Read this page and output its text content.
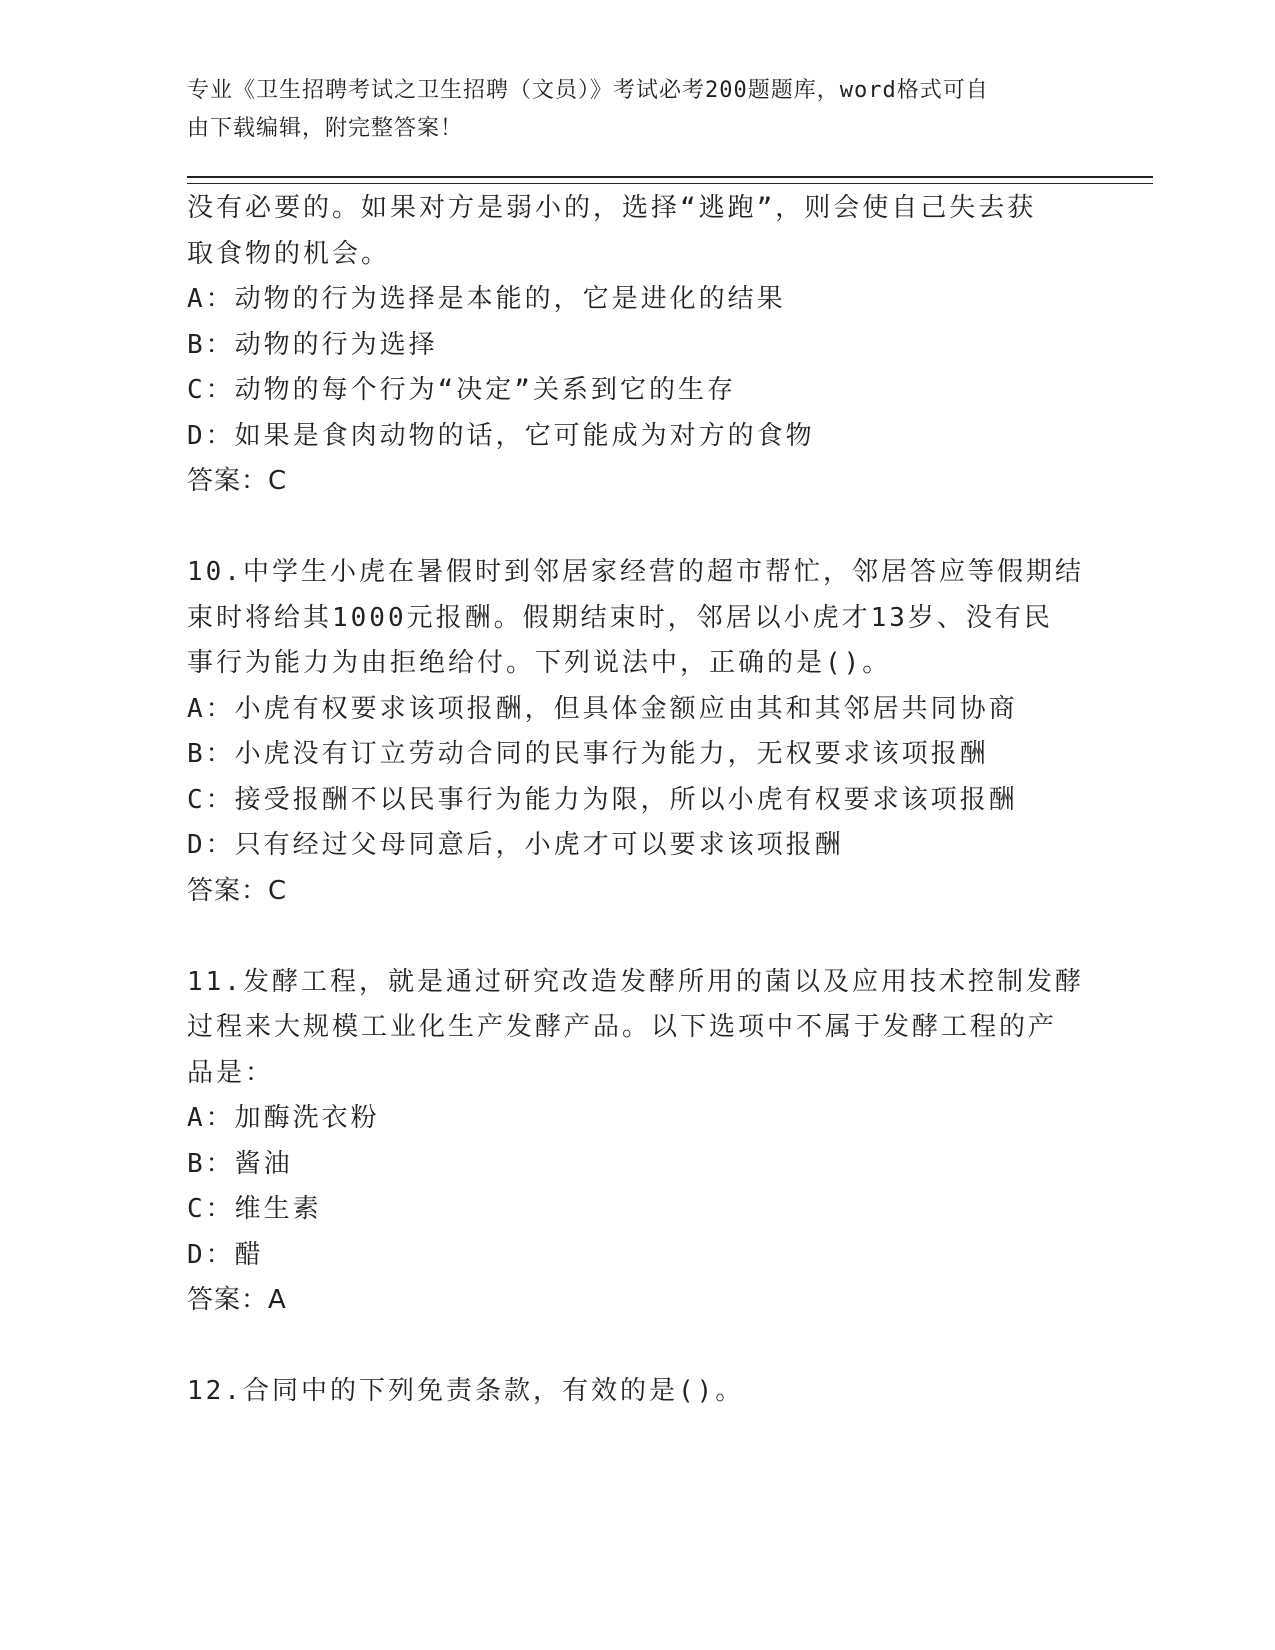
专业《卫生招聘考试之卫生招聘（文员）》考试必考200题题库，word格式可自
由下载编辑，附完整答案！
没有必要的。如果对方是弱小的，选择“逃跑”，则会使自己失去获
取食物的机会。
A：动物的行为选择是本能的，它是进化的结果
B：动物的行为选择
C：动物的每个行为“决定”关系到它的生存
D：如果是食肉动物的话，它可能成为对方的食物
答案：C
10.中学生小虎在暑假时到邻居家经营的超市帮忙，邻居答应等假期结
束时将给其1000元报酬。假期结束时，邻居以小虎才13岁、没有民
事行为能力为由拒绝给付。下列说法中，正确的是()。
A：小虎有权要求该项报酬，但具体金额应由其和其邻居共同协商
B：小虎没有订立劳动合同的民事行为能力，无权要求该项报酬
C：接受报酬不以民事行为能力为限，所以小虎有权要求该项报酬
D：只有经过父母同意后，小虎才可以要求该项报酬
答案：C
11.发酵工程，就是通过研究改造发酵所用的菌以及应用技术控制发酵
过程来大规模工业化生产发酵产品。以下选项中不属于发酵工程的产
品是：
A：加酶洗衣粉
B：酱油
C：维生素
D：醋
答案：A
12.合同中的下列免责条款，有效的是()。
